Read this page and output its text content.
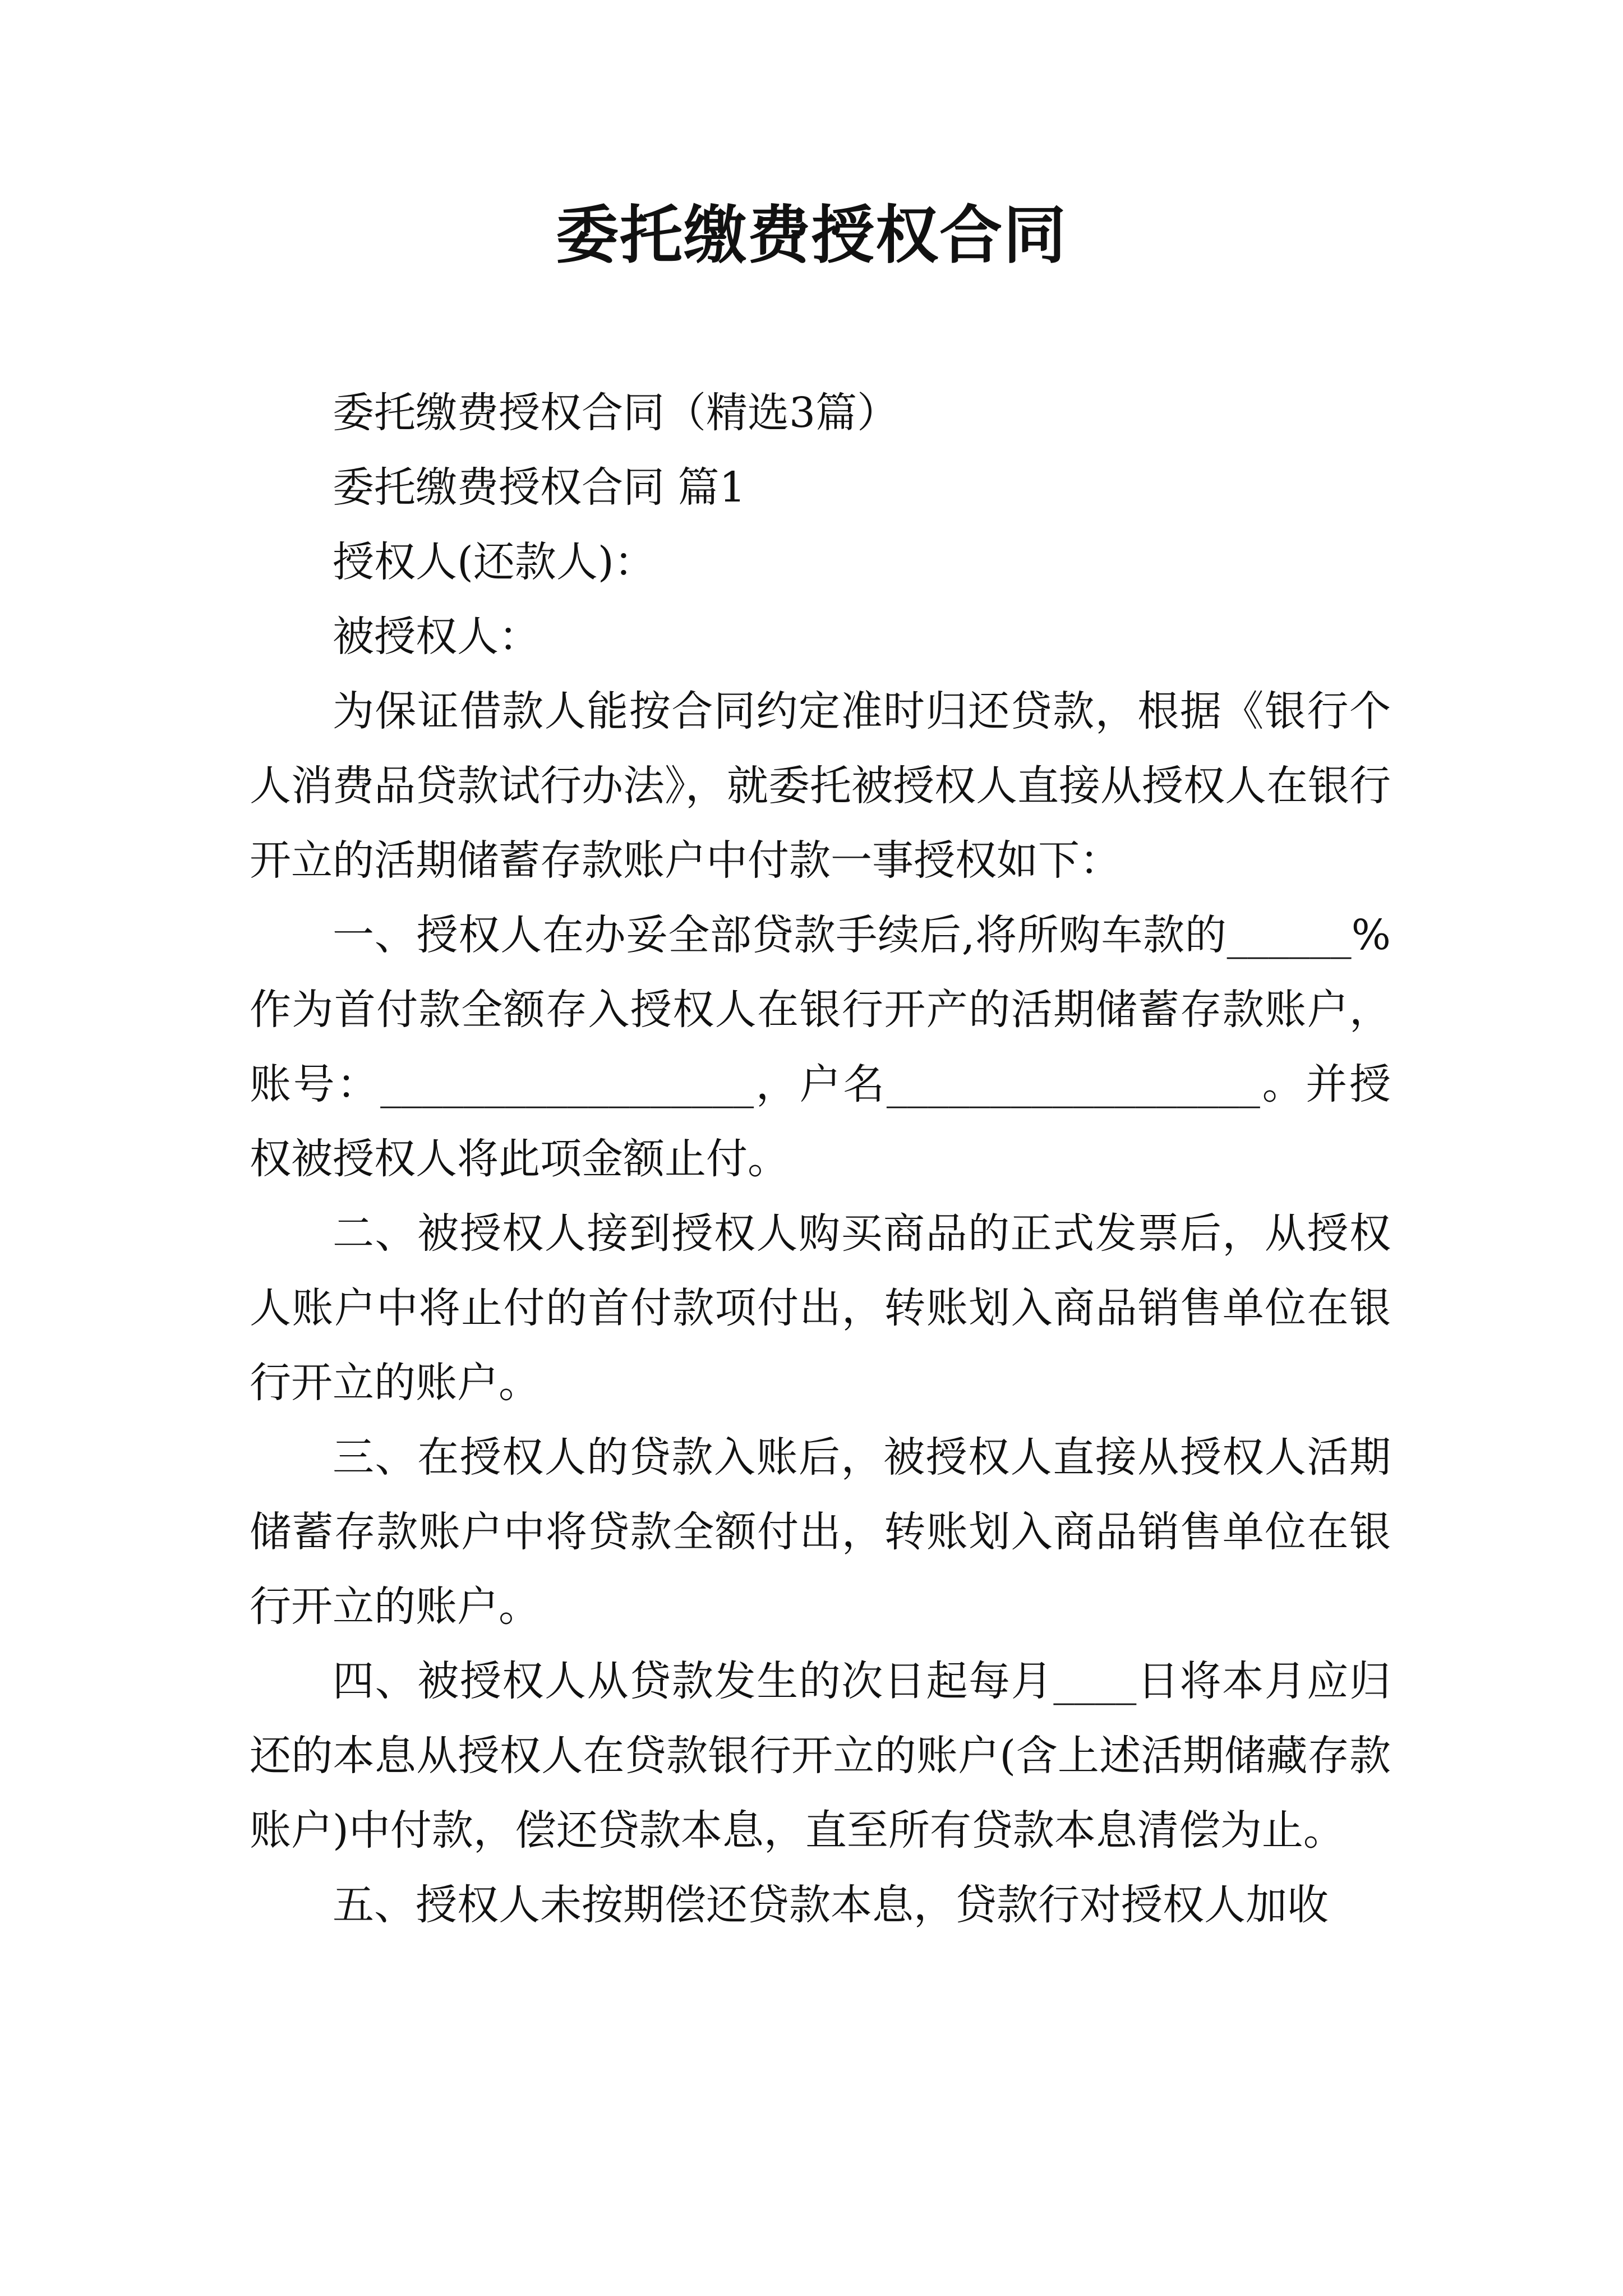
委托缴费授权合同

委托缴费授权合同（精选3篇）

委托缴费授权合同 篇1

授权人(还款人)：

被授权人：

为保证借款人能按合同约定准时归还贷款，根据《银行个人消费品贷款试行办法》，就委托被授权人直接从授权人在银行开立的活期储蓄存款账户中付款一事授权如下：

一、授权人在办妥全部贷款手续后,将所购车款的______%作为首付款全额存入授权人在银行开产的活期储蓄存款账户，账号：__________________，户名__________________。并授权被授权人将此项金额止付。

二、被授权人接到授权人购买商品的正式发票后，从授权人账户中将止付的首付款项付出，转账划入商品销售单位在银行开立的账户。

三、在授权人的贷款入账后，被授权人直接从授权人活期储蓄存款账户中将贷款全额付出，转账划入商品销售单位在银行开立的账户。

四、被授权人从贷款发生的次日起每月____日将本月应归还的本息从授权人在贷款银行开立的账户(含上述活期储藏存款账户)中付款，偿还贷款本息，直至所有贷款本息清偿为止。

五、授权人未按期偿还贷款本息，贷款行对授权人加收
